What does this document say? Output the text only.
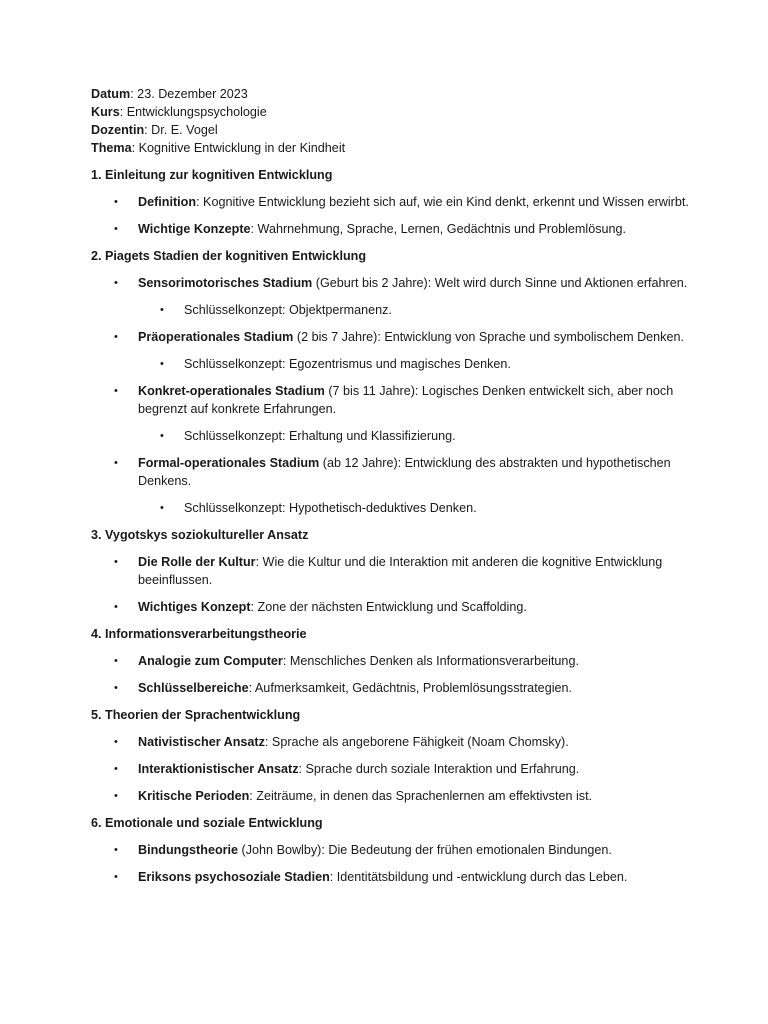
Datum: 23. Dezember 2023

Kurs: Entwicklungspsychologie

Dozentin: Dr. E. Vogel

Thema: Kognitive Entwicklung in der Kindheit

1. Einleitung zur kognitiven Entwicklung

• Definition: Kognitive Entwicklung bezieht sich auf, wie ein Kind denkt, erkennt und Wissen erwirbt.
• Wichtige Konzepte: Wahrnehmung, Sprache, Lernen, Gedächtnis und Problemlösung.

2. Piagets Stadien der kognitiven Entwicklung

• Sensorimotorisches Stadium (Geburt bis 2 Jahre): Welt wird durch Sinne und Aktionen erfahren.
• Schlüsselkonzept: Objektpermanenz.
• Präoperationales Stadium (2 bis 7 Jahre): Entwicklung von Sprache und symbolischem Denken.
• Schlüsselkonzept: Egozentrismus und magisches Denken.
• Konkret-operationales Stadium (7 bis 11 Jahre): Logisches Denken entwickelt sich, aber noch begrenzt auf konkrete Erfahrungen.
• Schlüsselkonzept: Erhaltung und Klassifizierung.
• Formal-operationales Stadium (ab 12 Jahre): Entwicklung des abstrakten und hypothetischen Denkens.
• Schlüsselkonzept: Hypothetisch-deduktives Denken.

3. Vygotskys soziokultureller Ansatz

• Die Rolle der Kultur: Wie die Kultur und die Interaktion mit anderen die kognitive Entwicklung beeinflussen.
• Wichtiges Konzept: Zone der nächsten Entwicklung und Scaffolding.

4. Informationsverarbeitungstheorie

• Analogie zum Computer: Menschliches Denken als Informationsverarbeitung.
• Schlüsselbereiche: Aufmerksamkeit, Gedächtnis, Problemlösungsstrategien.

5. Theorien der Sprachentwicklung

• Nativistischer Ansatz: Sprache als angeborene Fähigkeit (Noam Chomsky).
• Interaktionistischer Ansatz: Sprache durch soziale Interaktion und Erfahrung.
• Kritische Perioden: Zeiträume, in denen das Sprachenlernen am effektivsten ist.

6. Emotionale und soziale Entwicklung

• Bindungstheorie (John Bowlby): Die Bedeutung der frühen emotionalen Bindungen.
• Eriksons psychosoziale Stadien: Identitätsbildung und -entwicklung durch das Leben.
